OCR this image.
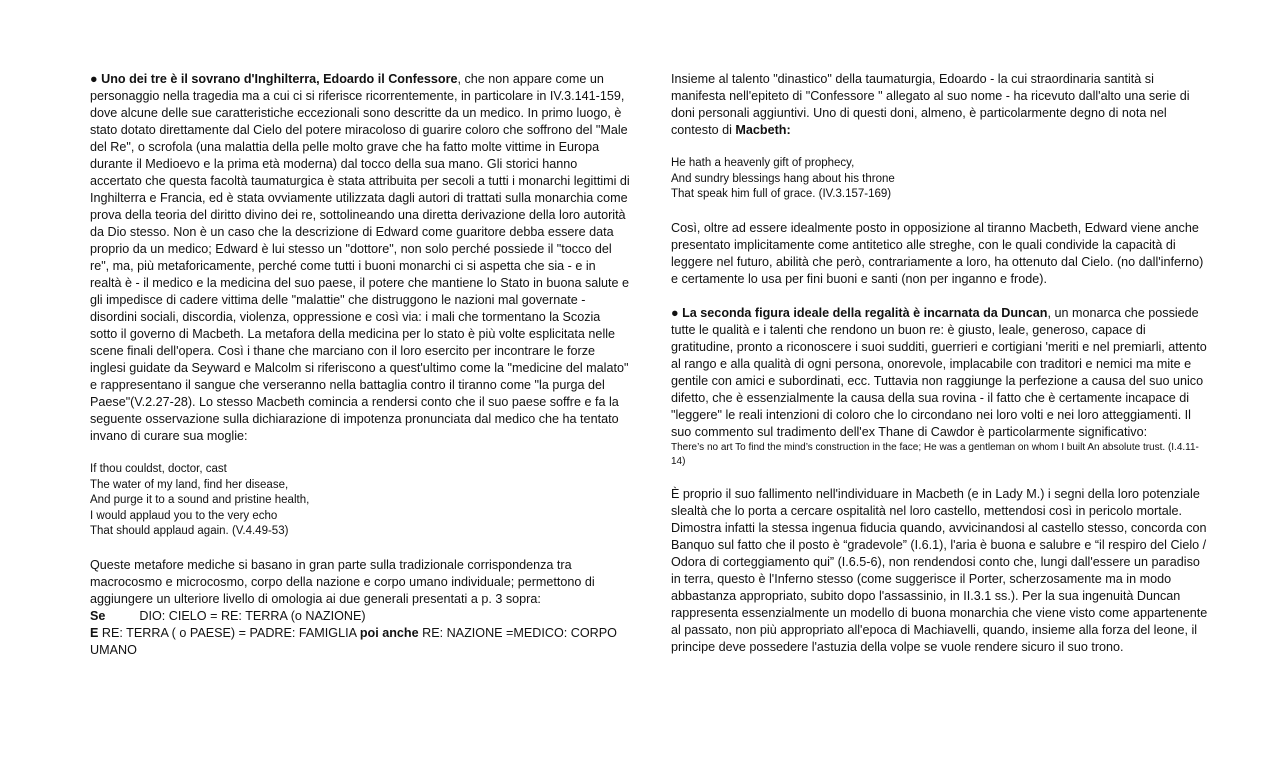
● Uno dei tre è il sovrano d'Inghilterra, Edoardo il Confessore, che non appare come un personaggio nella tragedia ma a cui ci si riferisce ricorrentemente, in particolare in IV.3.141-159, dove alcune delle sue caratteristiche eccezionali sono descritte da un medico. In primo luogo, è stato dotato direttamente dal Cielo del potere miracoloso di guarire coloro che soffrono del "Male del Re", o scrofola (una malattia della pelle molto grave che ha fatto molte vittime in Europa durante il Medioevo e la prima età moderna) dal tocco della sua mano. Gli storici hanno accertato che questa facoltà taumaturgica è stata attribuita per secoli a tutti i monarchi legittimi di Inghilterra e Francia, ed è stata ovviamente utilizzata dagli autori di trattati sulla monarchia come prova della teoria del diritto divino dei re, sottolineando una diretta derivazione della loro autorità da Dio stesso. Non è un caso che la descrizione di Edward come guaritore debba essere data proprio da un medico; Edward è lui stesso un "dottore", non solo perché possiede il "tocco del re", ma, più metaforicamente, perché come tutti i buoni monarchi ci si aspetta che sia - e in realtà è - il medico e la medicina del suo paese, il potere che mantiene lo Stato in buona salute e gli impedisce di cadere vittima delle "malattie" che distruggono le nazioni mal governate - disordini sociali, discordia, violenza, oppressione e così via: i mali che tormentano la Scozia sotto il governo di Macbeth. La metafora della medicina per lo stato è più volte esplicitata nelle scene finali dell'opera. Così i thane che marciano con il loro esercito per incontrare le forze inglesi guidate da Seyward e Malcolm si riferiscono a quest'ultimo come la "medicine del malato" e rappresentano il sangue che verseranno nella battaglia contro il tiranno come "la purga del Paese"(V.2.27-28). Lo stesso Macbeth comincia a rendersi conto che il suo paese soffre e fa la seguente osservazione sulla dichiarazione di impotenza pronunciata dal medico che ha tentato invano di curare sua moglie:

If thou couldst, doctor, cast
The water of my land, find her disease,
And purge it to a sound and pristine health,
I would applaud you to the very echo
That should applaud again. (V.4.49-53)

Queste metafore mediche si basano in gran parte sulla tradizionale corrispondenza tra macrocosmo e microcosmo, corpo della nazione e corpo umano individuale; permettono di aggiungere un ulteriore livello di omologia ai due generali presentati a p. 3 sopra:

Se	DIO: CIELO = RE: TERRA (o NAZIONE)

E RE: TERRA ( o PAESE) = PADRE: FAMIGLIA poi anche RE: NAZIONE =MEDICO: CORPO UMANO

Insieme al talento "dinastico" della taumaturgia, Edoardo - la cui straordinaria santità si manifesta nell'epiteto di "Confessore " allegato al suo nome - ha ricevuto dall'alto una serie di doni personali aggiuntivi. Uno di questi doni, almeno, è particolarmente degno di nota nel contesto di Macbeth:

He hath a heavenly gift of prophecy,
And sundry blessings hang about his throne
That speak him full of grace. (IV.3.157-169)

Così, oltre ad essere idealmente posto in opposizione al tiranno Macbeth, Edward viene anche presentato implicitamente come antitetico alle streghe, con le quali condivide la capacità di leggere nel futuro, abilità che però, contrariamente a loro, ha ottenuto dal Cielo. (no dall'inferno) e certamente lo usa per fini buoni e santi (non per inganno e frode).

● La seconda figura ideale della regalità è incarnata da Duncan, un monarca che possiede tutte le qualità e i talenti che rendono un buon re: è giusto, leale, generoso, capace di gratitudine, pronto a riconoscere i suoi sudditi, guerrieri e cortigiani 'meriti e nel premiarli, attento al rango e alla qualità di ogni persona, onorevole, implacabile con traditori e nemici ma mite e gentile con amici e subordinati, ecc. Tuttavia non raggiunge la perfezione a causa del suo unico difetto, che è essenzialmente la causa della sua rovina - il fatto che è certamente incapace di "leggere" le reali intenzioni di coloro che lo circondano nei loro volti e nei loro atteggiamenti. Il suo commento sul tradimento dell'ex Thane di Cawdor è particolarmente significativo:

There’s no art To find the mind’s construction in the face; He was a gentleman on whom I built An absolute trust. (I.4.11-14)

È proprio il suo fallimento nell'individuare in Macbeth (e in Lady M.) i segni della loro potenziale slealtà che lo porta a cercare ospitalità nel loro castello, mettendosi così in pericolo mortale. Dimostra infatti la stessa ingenua fiducia quando, avvicinandosi al castello stesso, concorda con Banquo sul fatto che il posto è “gradevole” (I.6.1), l'aria è buona e salubre e “il respiro del Cielo / Odora di corteggiamento qui” (I.6.5-6), non rendendosi conto che, lungi dall'essere un paradiso in terra, questo è l'Inferno stesso (come suggerisce il Porter, scherzosamente ma in modo abbastanza appropriato, subito dopo l'assassinio, in II.3.1 ss.). Per la sua ingenuità Duncan rappresenta essenzialmente un modello di buona monarchia che viene visto come appartenente al passato, non più appropriato all'epoca di Machiavelli, quando, insieme alla forza del leone, il principe deve possedere l'astuzia della volpe se vuole rendere sicuro il suo trono.
